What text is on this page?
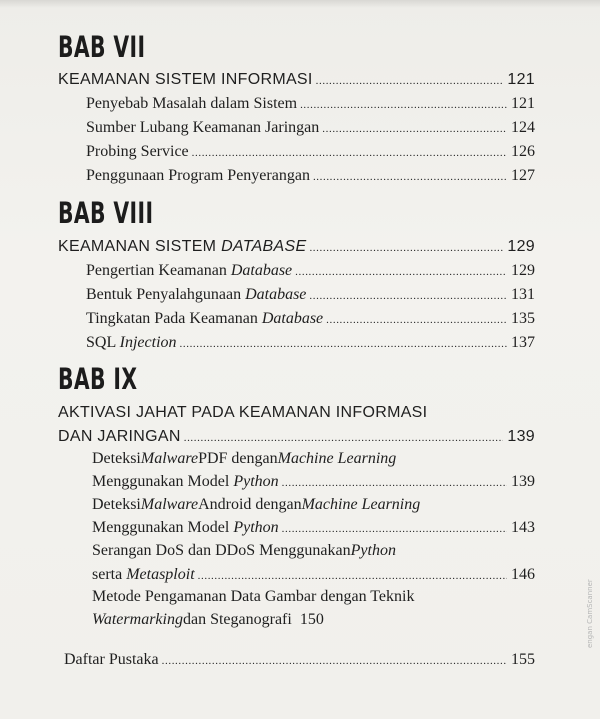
BAB VII
KEAMANAN SISTEM INFORMASI .....	121
Penyebab Masalah dalam Sistem .....	121
Sumber Lubang Keamanan Jaringan .....	124
Probing Service .....	126
Penggunaan Program Penyerangan .....	127
BAB VIII
KEAMANAN SISTEM DATABASE .....	129
Pengertian Keamanan Database .....	129
Bentuk Penyalahgunaan Database .....	131
Tingkatan Pada Keamanan Database .....	135
SQL Injection .....	137
BAB IX
AKTIVASI JAHAT PADA KEAMANAN INFORMASI
DAN JARINGAN .....	139
Deteksi Malware PDF dengan Machine Learning
Menggunakan Model Python .....	139
Deteksi Malware Android dengan Machine Learning
Menggunakan Model Python .....	143
Serangan DoS dan DDoS Menggunakan Python
serta Metasploit .....	146
Metode Pengamanan Data Gambar dengan Teknik
Watermarking dan Steganografi 150
Daftar Pustaka .....	155
engan CamScanner
